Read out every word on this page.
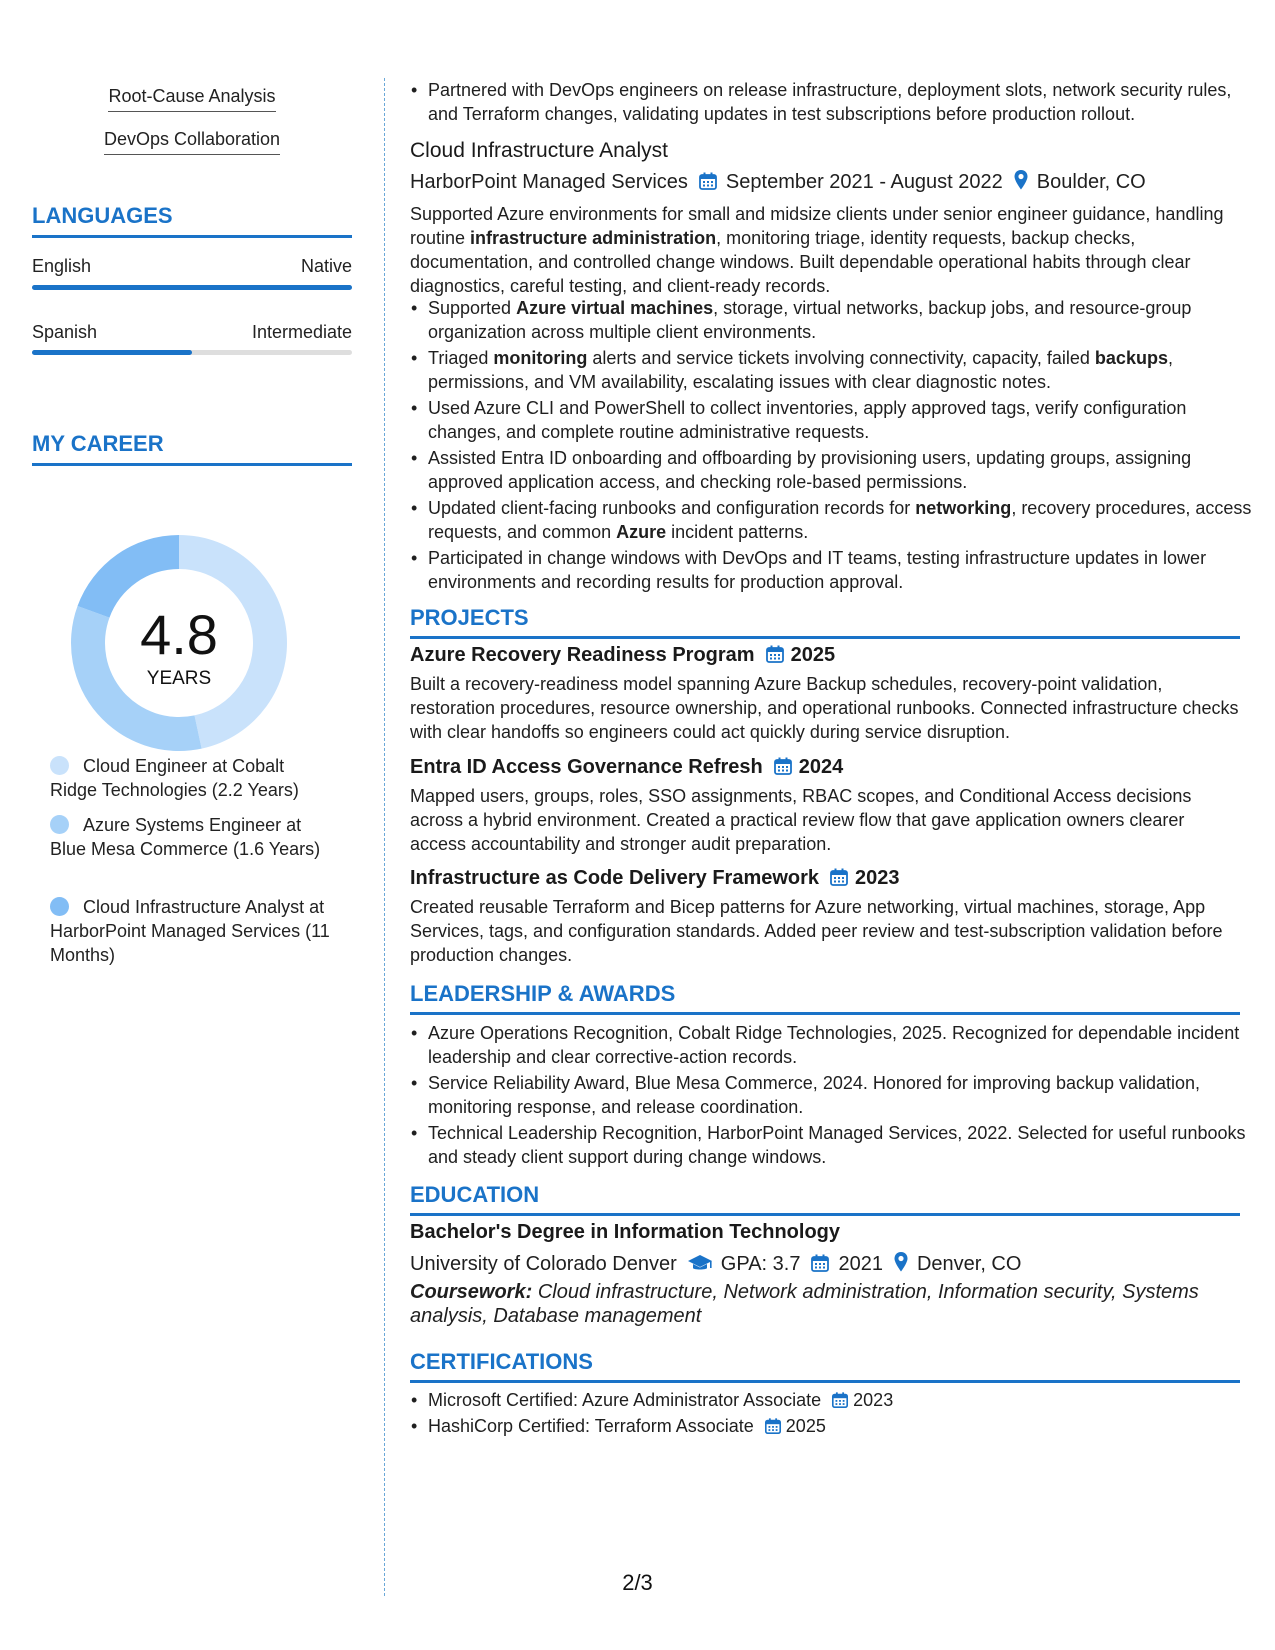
Root-Cause Analysis
DevOps Collaboration
LANGUAGES
English	Native
Spanish	Intermediate
MY CAREER
4.8
YEARS
Cloud Engineer at Cobalt Ridge Technologies (2.2 Years)
Azure Systems Engineer at Blue Mesa Commerce (1.6 Years)
Cloud Infrastructure Analyst at HarborPoint Managed Services (11 Months)
• Partnered with DevOps engineers on release infrastructure, deployment slots, network security rules, and Terraform changes, validating updates in test subscriptions before production rollout.
Cloud Infrastructure Analyst
HarborPoint Managed Services September 2021 - August 2022 Boulder, CO
Supported Azure environments for small and midsize clients under senior engineer guidance, handling routine infrastructure administration, monitoring triage, identity requests, backup checks, documentation, and controlled change windows. Built dependable operational habits through clear diagnostics, careful testing, and client-ready records.
• Supported Azure virtual machines, storage, virtual networks, backup jobs, and resource-group organization across multiple client environments.
• Triaged monitoring alerts and service tickets involving connectivity, capacity, failed backups, permissions, and VM availability, escalating issues with clear diagnostic notes.
• Used Azure CLI and PowerShell to collect inventories, apply approved tags, verify configuration changes, and complete routine administrative requests.
• Assisted Entra ID onboarding and offboarding by provisioning users, updating groups, assigning approved application access, and checking role-based permissions.
• Updated client-facing runbooks and configuration records for networking, recovery procedures, access requests, and common Azure incident patterns.
• Participated in change windows with DevOps and IT teams, testing infrastructure updates in lower environments and recording results for production approval.
PROJECTS
Azure Recovery Readiness Program 2025
Built a recovery-readiness model spanning Azure Backup schedules, recovery-point validation, restoration procedures, resource ownership, and operational runbooks. Connected infrastructure checks with clear handoffs so engineers could act quickly during service disruption.
Entra ID Access Governance Refresh 2024
Mapped users, groups, roles, SSO assignments, RBAC scopes, and Conditional Access decisions across a hybrid environment. Created a practical review flow that gave application owners clearer access accountability and stronger audit preparation.
Infrastructure as Code Delivery Framework 2023
Created reusable Terraform and Bicep patterns for Azure networking, virtual machines, storage, App Services, tags, and configuration standards. Added peer review and test-subscription validation before production changes.
LEADERSHIP & AWARDS
• Azure Operations Recognition, Cobalt Ridge Technologies, 2025. Recognized for dependable incident leadership and clear corrective-action records.
• Service Reliability Award, Blue Mesa Commerce, 2024. Honored for improving backup validation, monitoring response, and release coordination.
• Technical Leadership Recognition, HarborPoint Managed Services, 2022. Selected for useful runbooks and steady client support during change windows.
EDUCATION
Bachelor's Degree in Information Technology
University of Colorado Denver GPA: 3.7 2021 Denver, CO
Coursework: Cloud infrastructure, Network administration, Information security, Systems analysis, Database management
CERTIFICATIONS
• Microsoft Certified: Azure Administrator Associate 2023
• HashiCorp Certified: Terraform Associate 2025
2/3
